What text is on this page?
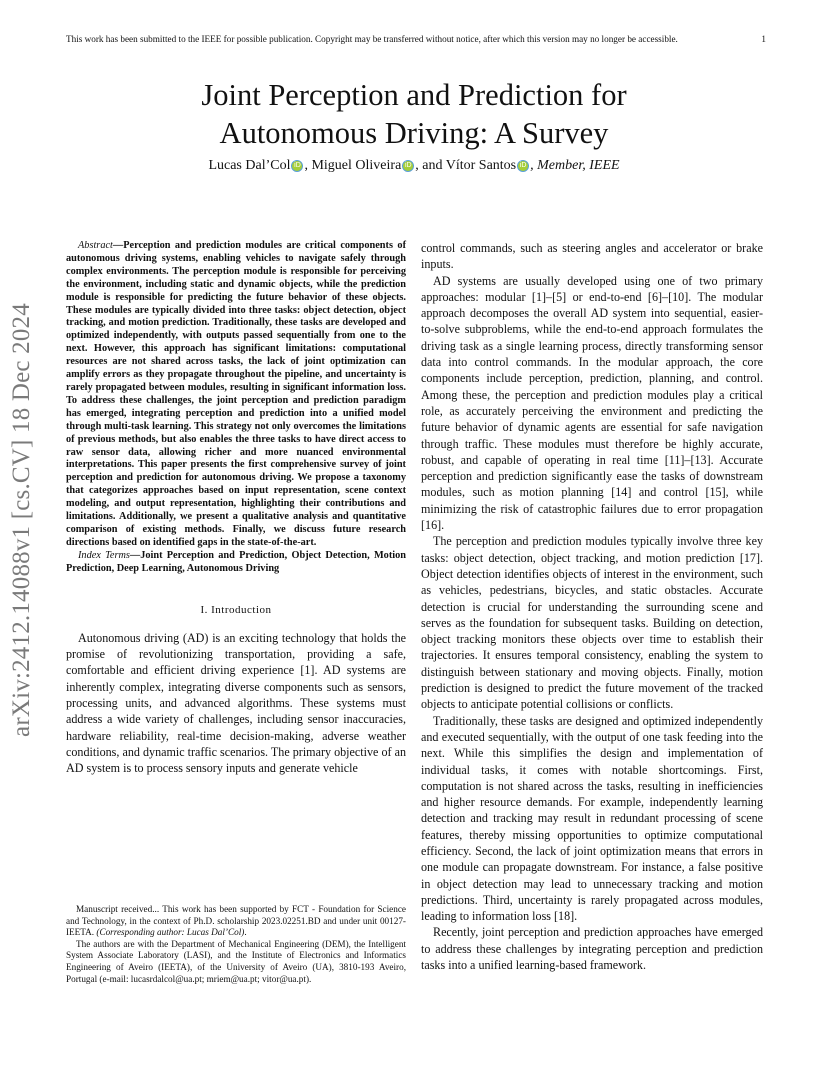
This work has been submitted to the IEEE for possible publication. Copyright may be transferred without notice, after which this version may no longer be accessible.	1
arXiv:2412.14088v1 [cs.CV] 18 Dec 2024
Joint Perception and Prediction for
Autonomous Driving: A Survey
Lucas Dal’Col iD , Miguel Oliveira iD , and Vítor Santos iD , Member, IEEE

Abstract—Perception and prediction modules are critical components of autonomous driving systems, enabling vehicles to navigate safely through complex environments. The perception module is responsible for perceiving the environment, including static and dynamic objects, while the prediction module is responsible for predicting the future behavior of these objects. These modules are typically divided into three tasks: object detection, object tracking, and motion prediction. Traditionally, these tasks are developed and optimized independently, with outputs passed sequentially from one to the next. However, this approach has significant limitations: computational resources are not shared across tasks, the lack of joint optimization can amplify errors as they propagate throughout the pipeline, and uncertainty is rarely propagated between modules, resulting in significant information loss. To address these challenges, the joint perception and prediction paradigm has emerged, integrating perception and prediction into a unified model through multi-task learning. This strategy not only overcomes the limitations of previous methods, but also enables the three tasks to have direct access to raw sensor data, allowing richer and more nuanced environmental interpretations. This paper presents the first comprehensive survey of joint perception and prediction for autonomous driving. We propose a taxonomy that categorizes approaches based on input representation, scene context modeling, and output representation, highlighting their contributions and limitations. Additionally, we present a qualitative analysis and quantitative comparison of existing methods. Finally, we discuss future research directions based on identified gaps in the state-of-the-art.

Index Terms—Joint Perception and Prediction, Object Detection, Motion Prediction, Deep Learning, Autonomous Driving

I. Introduction

Autonomous driving (AD) is an exciting technology that holds the promise of revolutionizing transportation, providing a safe, comfortable and efficient driving experience [1]. AD systems are inherently complex, integrating diverse components such as sensors, processing units, and advanced algorithms. These systems must address a wide variety of challenges, including sensor inaccuracies, hardware reliability, real-time decision-making, adverse weather conditions, and dynamic traffic scenarios. The primary objective of an AD system is to process sensory inputs and generate vehicle

Manuscript received... This work has been supported by FCT - Foundation for Science and Technology, in the context of Ph.D. scholarship 2023.02251.BD and under unit 00127-IEETA. (Corresponding author: Lucas Dal’Col).

The authors are with the Department of Mechanical Engineering (DEM), the Intelligent System Associate Laboratory (LASI), and the Institute of Electronics and Informatics Engineering of Aveiro (IEETA), of the University of Aveiro (UA), 3810-193 Aveiro, Portugal (e-mail: lucasrdalcol@ua.pt; mriem@ua.pt; vitor@ua.pt).

control commands, such as steering angles and accelerator or brake inputs.

AD systems are usually developed using one of two primary approaches: modular [1]–[5] or end-to-end [6]–[10]. The modular approach decomposes the overall AD system into sequential, easier-to-solve subproblems, while the end-to-end approach formulates the driving task as a single learning process, directly transforming sensor data into control commands. In the modular approach, the core components include perception, prediction, planning, and control. Among these, the perception and prediction modules play a critical role, as accurately perceiving the environment and predicting the future behavior of dynamic agents are essential for safe navigation through traffic. These modules must therefore be highly accurate, robust, and capable of operating in real time [11]–[13]. Accurate perception and prediction significantly ease the tasks of downstream modules, such as motion planning [14] and control [15], while minimizing the risk of catastrophic failures due to error propagation [16].

The perception and prediction modules typically involve three key tasks: object detection, object tracking, and motion prediction [17]. Object detection identifies objects of interest in the environment, such as vehicles, pedestrians, bicycles, and static obstacles. Accurate detection is crucial for understanding the surrounding scene and serves as the foundation for subsequent tasks. Building on detection, object tracking monitors these objects over time to establish their trajectories. It ensures temporal consistency, enabling the system to distinguish between stationary and moving objects. Finally, motion prediction is designed to predict the future movement of the tracked objects to anticipate potential collisions or conflicts.

Traditionally, these tasks are designed and optimized independently and executed sequentially, with the output of one task feeding into the next. While this simplifies the design and implementation of individual tasks, it comes with notable shortcomings. First, computation is not shared across the tasks, resulting in inefficiencies and higher resource demands. For example, independently learning detection and tracking may result in redundant processing of scene features, thereby missing opportunities to optimize computational efficiency. Second, the lack of joint optimization means that errors in one module can propagate downstream. For instance, a false positive in object detection may lead to unnecessary tracking and motion predictions. Third, uncertainty is rarely propagated across modules, leading to information loss [18].

Recently, joint perception and prediction approaches have emerged to address these challenges by integrating perception and prediction tasks into a unified learning-based framework.
